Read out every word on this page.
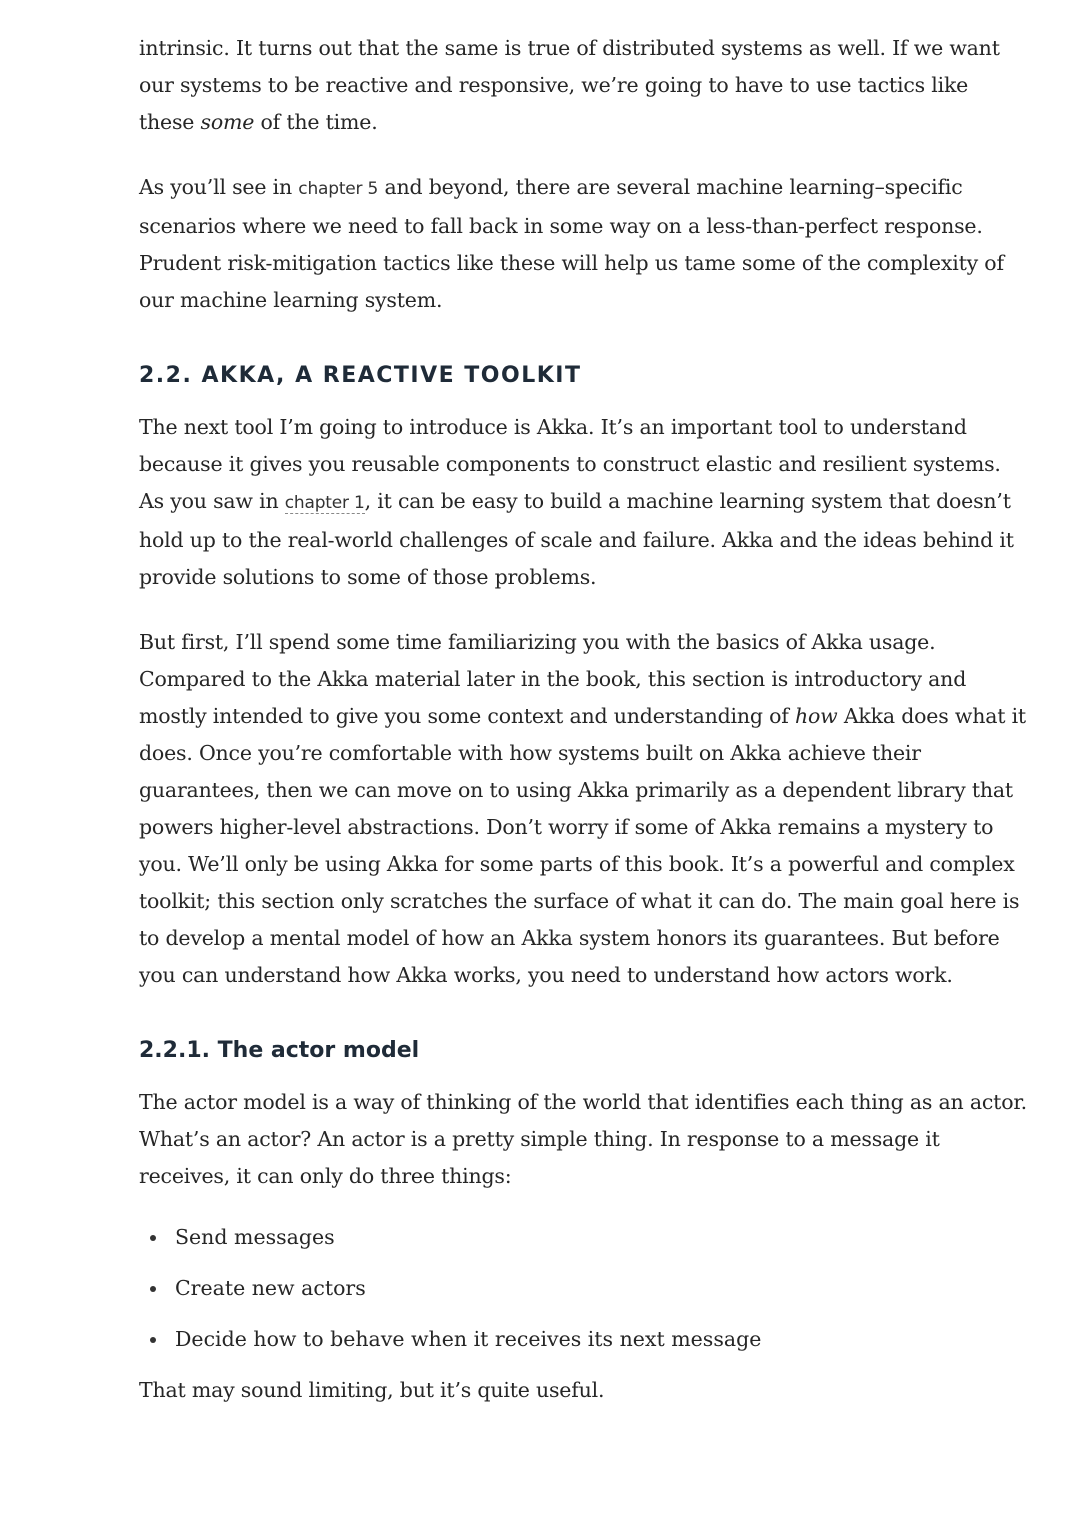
intrinsic. It turns out that the same is true of distributed systems as well. If we want our systems to be reactive and responsive, we’re going to have to use tactics like these some of the time.

As you’ll see in chapter 5 and beyond, there are several machine learning–specific scenarios where we need to fall back in some way on a less-than-perfect response. Prudent risk-mitigation tactics like these will help us tame some of the complexity of our machine learning system.

2.2. AKKA, A REACTIVE TOOLKIT

The next tool I’m going to introduce is Akka. It’s an important tool to understand because it gives you reusable components to construct elastic and resilient systems. As you saw in chapter 1, it can be easy to build a machine learning system that doesn’t hold up to the real-world challenges of scale and failure. Akka and the ideas behind it provide solutions to some of those problems.

But first, I’ll spend some time familiarizing you with the basics of Akka usage. Compared to the Akka material later in the book, this section is introductory and mostly intended to give you some context and understanding of how Akka does what it does. Once you’re comfortable with how systems built on Akka achieve their guarantees, then we can move on to using Akka primarily as a dependent library that powers higher-level abstractions. Don’t worry if some of Akka remains a mystery to you. We’ll only be using Akka for some parts of this book. It’s a powerful and complex toolkit; this section only scratches the surface of what it can do. The main goal here is to develop a mental model of how an Akka system honors its guarantees. But before you can understand how Akka works, you need to understand how actors work.

2.2.1. The actor model

The actor model is a way of thinking of the world that identifies each thing as an actor. What’s an actor? An actor is a pretty simple thing. In response to a message it receives, it can only do three things:

Send messages
Create new actors
Decide how to behave when it receives its next message

That may sound limiting, but it’s quite useful.
